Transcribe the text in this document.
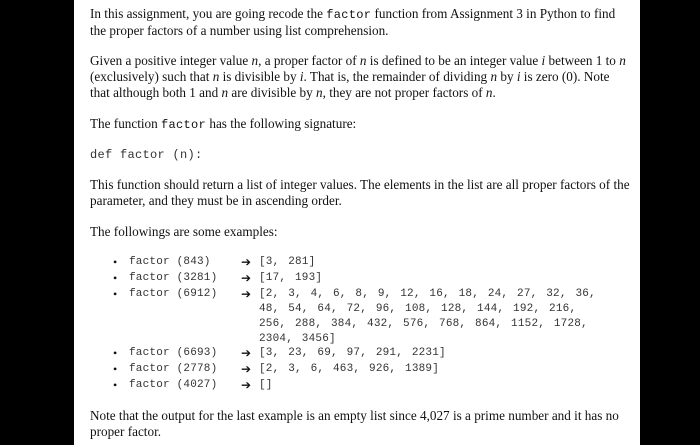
In this assignment, you are going recode the factor function from Assignment 3 in Python to find the proper factors of a number using list comprehension.

Given a positive integer value n, a proper factor of n is defined to be an integer value i between 1 to n (exclusively) such that n is divisible by i. That is, the remainder of dividing n by i is zero (0). Note that although both 1 and n are divisible by n, they are not proper factors of n.

The function factor has the following signature:

def factor (n):

This function should return a list of integer values. The elements in the list are all proper factors of the parameter, and they must be in ascending order.

The followings are some examples:

•	factor (843)	➔ [3, 281]
•	factor (3281)	➔ [17, 193]
•	factor (6912)	➔ [2, 3, 4, 6, 8, 9, 12, 16, 18, 24, 27, 32, 36, 48, 54, 64, 72, 96, 108, 128, 144, 192, 216, 256, 288, 384, 432, 576, 768, 864, 1152, 1728, 2304, 3456]
•	factor (6693)	➔ [3, 23, 69, 97, 291, 2231]
•	factor (2778)	➔ [2, 3, 6, 463, 926, 1389]
•	factor (4027)	➔ []

Note that the output for the last example is an empty list since 4,027 is a prime number and it has no proper factor.
